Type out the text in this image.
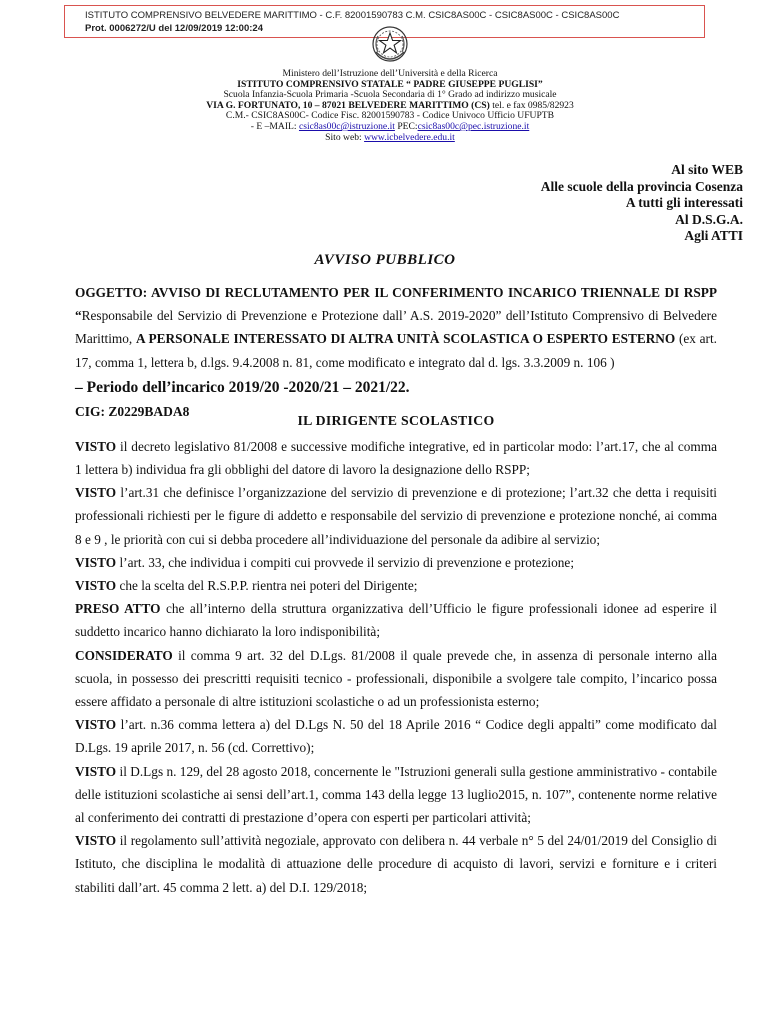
ISTITUTO COMPRENSIVO BELVEDERE MARITTIMO - C.F. 82001590783 C.M. CSIC8AS00C - CSIC8AS00C - CSIC8AS00C
Prot. 0006272/U del 12/09/2019 12:00:24
Ministero dell’Istruzione dell’Università e della Ricerca
ISTITUTO COMPRENSIVO STATALE “ PADRE GIUSEPPE PUGLISI”
Scuola Infanzia-Scuola Primaria -Scuola Secondaria di 1° Grado ad indirizzo musicale
VIA G. FORTUNATO, 10 – 87021 BELVEDERE MARITTIMO (CS) tel. e fax 0985/82923
C.M.- CSIC8AS00C- Codice Fisc. 82001590783 - Codice Univoco Ufficio UFUPTB
- E –MAIL: csic8as00c@istruzione.it PEC:csic8as00c@pec.istruzione.it
Sito web: www.icbelvedere.edu.it
Al sito WEB
Alle scuole della provincia Cosenza
A tutti gli interessati
Al D.S.G.A.
Agli ATTI
AVVISO PUBBLICO
OGGETTO: AVVISO DI RECLUTAMENTO PER IL CONFERIMENTO INCARICO TRIENNALE DI RSPP “Responsabile del Servizio di Prevenzione e Protezione dall’ A.S. 2019-2020” dell’Istituto Comprensivo di Belvedere Marittimo, A PERSONALE INTERESSATO DI ALTRA UNITÀ SCOLASTICA O ESPERTO ESTERNO (ex art. 17, comma 1, lettera b, d.lgs. 9.4.2008 n. 81, come modificato e integrato dal d. lgs. 3.3.2009 n. 106 )
– Periodo dell’incarico 2019/20 -2020/21 – 2021/22.
CIG: Z0229BADA8
IL DIRIGENTE SCOLASTICO
VISTO il decreto legislativo 81/2008 e successive modifiche integrative, ed in particolar modo: l’art.17, che al comma 1 lettera b) individua fra gli obblighi del datore di lavoro la designazione dello RSPP;
VISTO l’art.31 che definisce l’organizzazione del servizio di prevenzione e di protezione; l’art.32 che detta i requisiti professionali richiesti per le figure di addetto e responsabile del servizio di prevenzione e protezione nonché, ai comma 8 e 9 , le priorità con cui si debba procedere all’individuazione del personale da adibire al servizio;
VISTO l’art. 33, che individua i compiti cui provvede il servizio di prevenzione e protezione;
VISTO che la scelta del R.S.P.P. rientra nei poteri del Dirigente;
PRESO ATTO che all’interno della struttura organizzativa dell’Ufficio le figure professionali idonee ad esperire il suddetto incarico hanno dichiarato la loro indisponibilità;
CONSIDERATO il comma 9 art. 32 del D.Lgs. 81/2008 il quale prevede che, in assenza di personale interno alla scuola, in possesso dei prescritti requisiti tecnico - professionali, disponibile a svolgere tale compito, l’incarico possa essere affidato a personale di altre istituzioni scolastiche o ad un professionista esterno;
VISTO l’art. n.36 comma lettera a) del D.Lgs N. 50 del 18 Aprile 2016 “ Codice degli appalti” come modificato dal D.Lgs. 19 aprile 2017, n. 56 (cd. Correttivo);
VISTO il D.Lgs n. 129, del 28 agosto 2018, concernente le "Istruzioni generali sulla gestione amministrativo - contabile delle istituzioni scolastiche ai sensi dell’art.1, comma 143 della legge 13 luglio2015, n. 107”, contenente norme relative al conferimento dei contratti di prestazione d’opera con esperti per particolari attività;
VISTO il regolamento sull’attività negoziale, approvato con delibera n. 44 verbale n° 5 del 24/01/2019 del Consiglio di Istituto, che disciplina le modalità di attuazione delle procedure di acquisto di lavori, servizi e forniture e i criteri stabiliti dall’art. 45 comma 2 lett. a) del D.I. 129/2018;
